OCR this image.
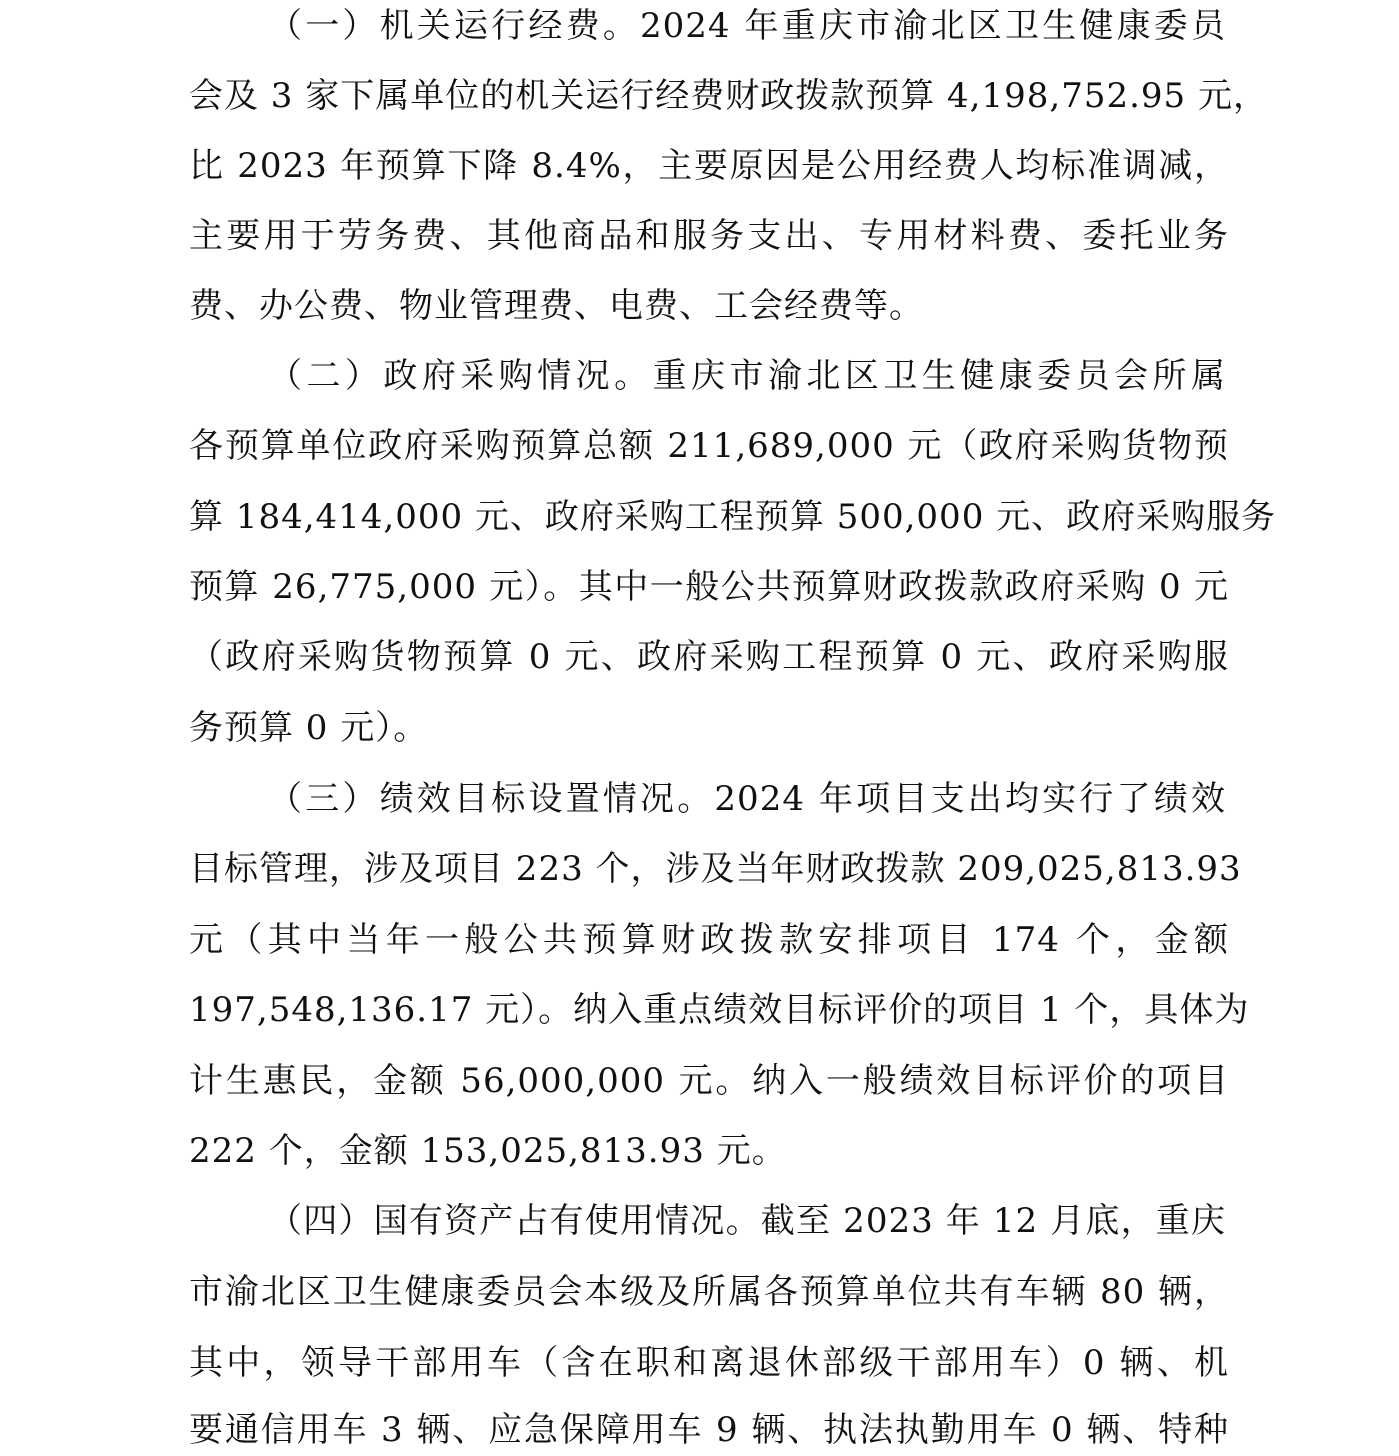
（一）机关运行经费。2024 年重庆市渝北区卫生健康委员
会及 3 家下属单位的机关运行经费财政拨款预算 4,198,752.95 元，
比 2023 年预算下降 8.4%，主要原因是公用经费人均标准调减，
主要用于劳务费、其他商品和服务支出、专用材料费、委托业务
费、办公费、物业管理费、电费、工会经费等。
（二）政府采购情况。重庆市渝北区卫生健康委员会所属
各预算单位政府采购预算总额 211,689,000 元（政府采购货物预
算 184,414,000 元、政府采购工程预算 500,000 元、政府采购服务
预算 26,775,000 元）。其中一般公共预算财政拨款政府采购 0 元
（政府采购货物预算 0 元、政府采购工程预算 0 元、政府采购服
务预算 0 元）。
（三）绩效目标设置情况。2024 年项目支出均实行了绩效
目标管理，涉及项目 223 个，涉及当年财政拨款 209,025,813.93
元（其中当年一般公共预算财政拨款安排项目 174 个，金额
197,548,136.17 元）。纳入重点绩效目标评价的项目 1 个，具体为
计生惠民，金额 56,000,000 元。纳入一般绩效目标评价的项目
222 个，金额 153,025,813.93 元。
（四）国有资产占有使用情况。截至 2023 年 12 月底，重庆
市渝北区卫生健康委员会本级及所属各预算单位共有车辆 80 辆，
其中，领导干部用车（含在职和离退休部级干部用车）0 辆、机
要通信用车 3 辆、应急保障用车 9 辆、执法执勤用车 0 辆、特种
